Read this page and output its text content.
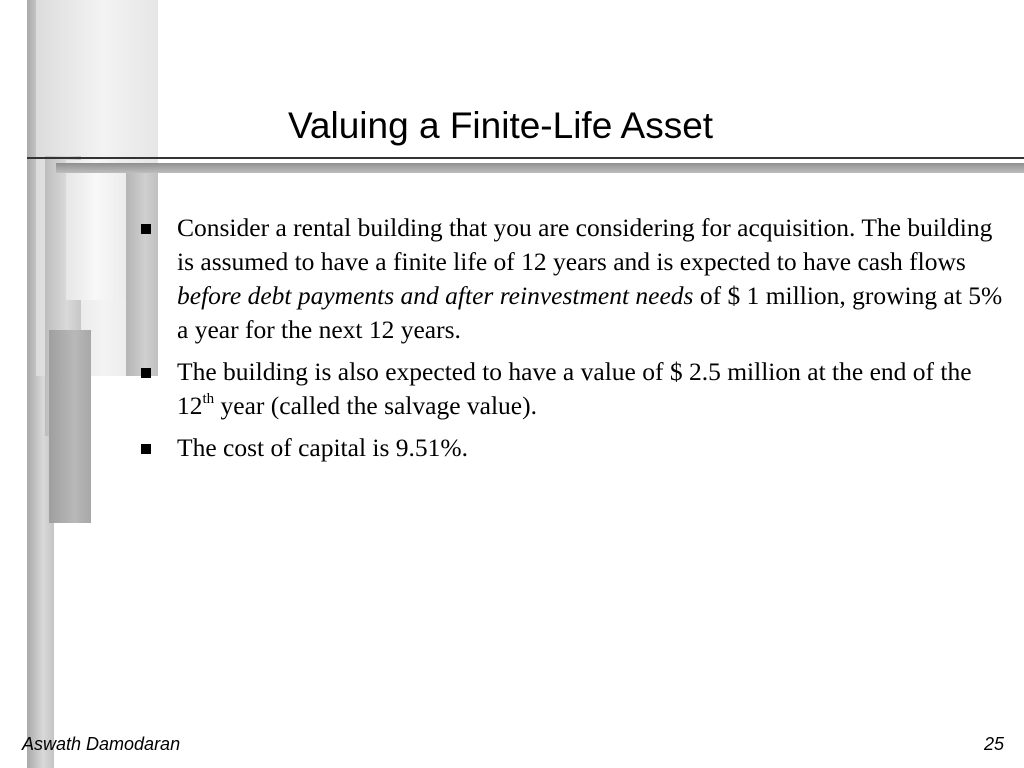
Valuing a Finite-Life Asset
Consider a rental building that you are considering for acquisition. The building is assumed to have a finite life of 12 years and is expected to have cash flows before debt payments and after reinvestment needs of $ 1 million, growing at 5% a year for the next 12 years.
The building is also expected to have a value of $ 2.5 million at the end of the 12th year (called the salvage value).
The cost of capital is 9.51%.
Aswath Damodaran	25
